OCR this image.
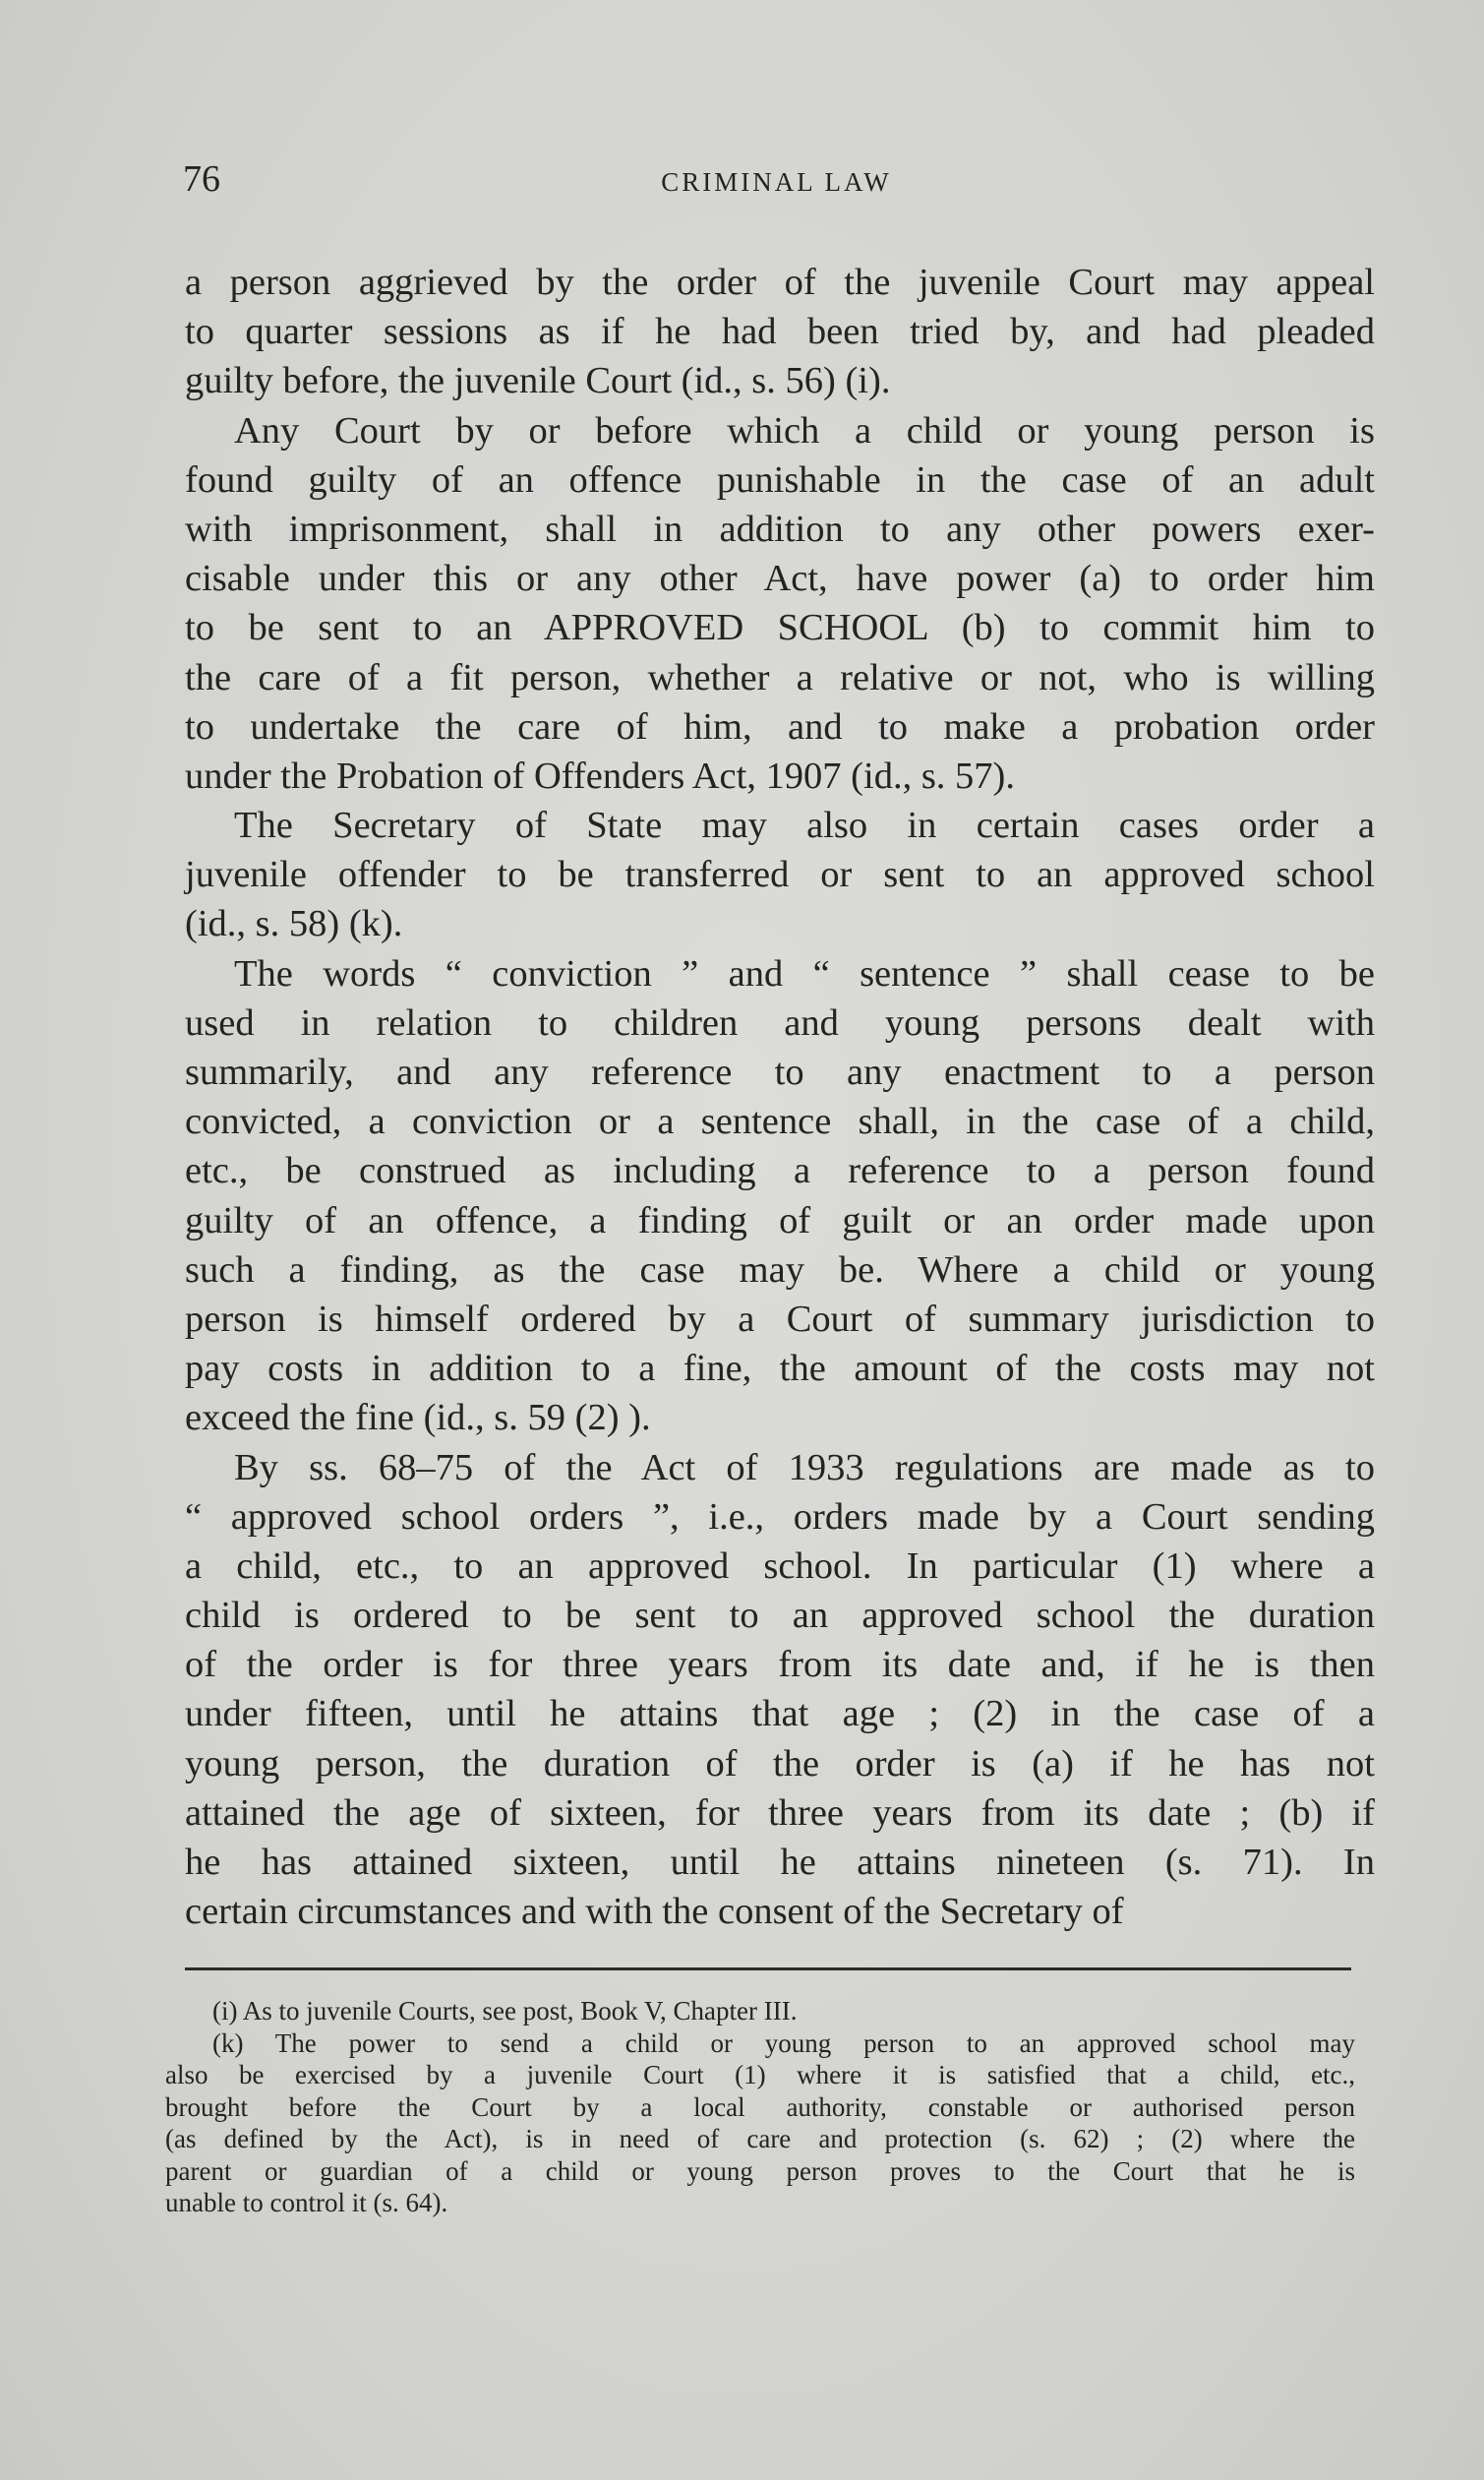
76	CRIMINAL LAW
a person aggrieved by the order of the juvenile Court may appeal
to quarter sessions as if he had been tried by, and had pleaded
guilty before, the juvenile Court (id., s. 56) (i).
Any Court by or before which a child or young person is
found guilty of an offence punishable in the case of an adult
with imprisonment, shall in addition to any other powers exer-
cisable under this or any other Act, have power (a) to order him
to be sent to an APPROVED SCHOOL (b) to commit him to
the care of a fit person, whether a relative or not, who is willing
to undertake the care of him, and to make a probation order
under the Probation of Offenders Act, 1907 (id., s. 57).
The Secretary of State may also in certain cases order a
juvenile offender to be transferred or sent to an approved school
(id., s. 58) (k).
The words “ conviction ” and “ sentence ” shall cease to be
used in relation to children and young persons dealt with
summarily, and any reference to any enactment to a person
convicted, a conviction or a sentence shall, in the case of a child,
etc., be construed as including a reference to a person found
guilty of an offence, a finding of guilt or an order made upon
such a finding, as the case may be. Where a child or young
person is himself ordered by a Court of summary jurisdiction to
pay costs in addition to a fine, the amount of the costs may not
exceed the fine (id., s. 59 (2) ).
By ss. 68–75 of the Act of 1933 regulations are made as to
“ approved school orders ”, i.e., orders made by a Court sending
a child, etc., to an approved school. In particular (1) where a
child is ordered to be sent to an approved school the duration
of the order is for three years from its date and, if he is then
under fifteen, until he attains that age ; (2) in the case of a
young person, the duration of the order is (a) if he has not
attained the age of sixteen, for three years from its date ; (b) if
he has attained sixteen, until he attains nineteen (s. 71). In
certain circumstances and with the consent of the Secretary of
(i) As to juvenile Courts, see post, Book V, Chapter III.
(k) The power to send a child or young person to an approved school may
also be exercised by a juvenile Court (1) where it is satisfied that a child, etc.,
brought before the Court by a local authority, constable or authorised person
(as defined by the Act), is in need of care and protection (s. 62) ; (2) where the
parent or guardian of a child or young person proves to the Court that he is
unable to control it (s. 64).
